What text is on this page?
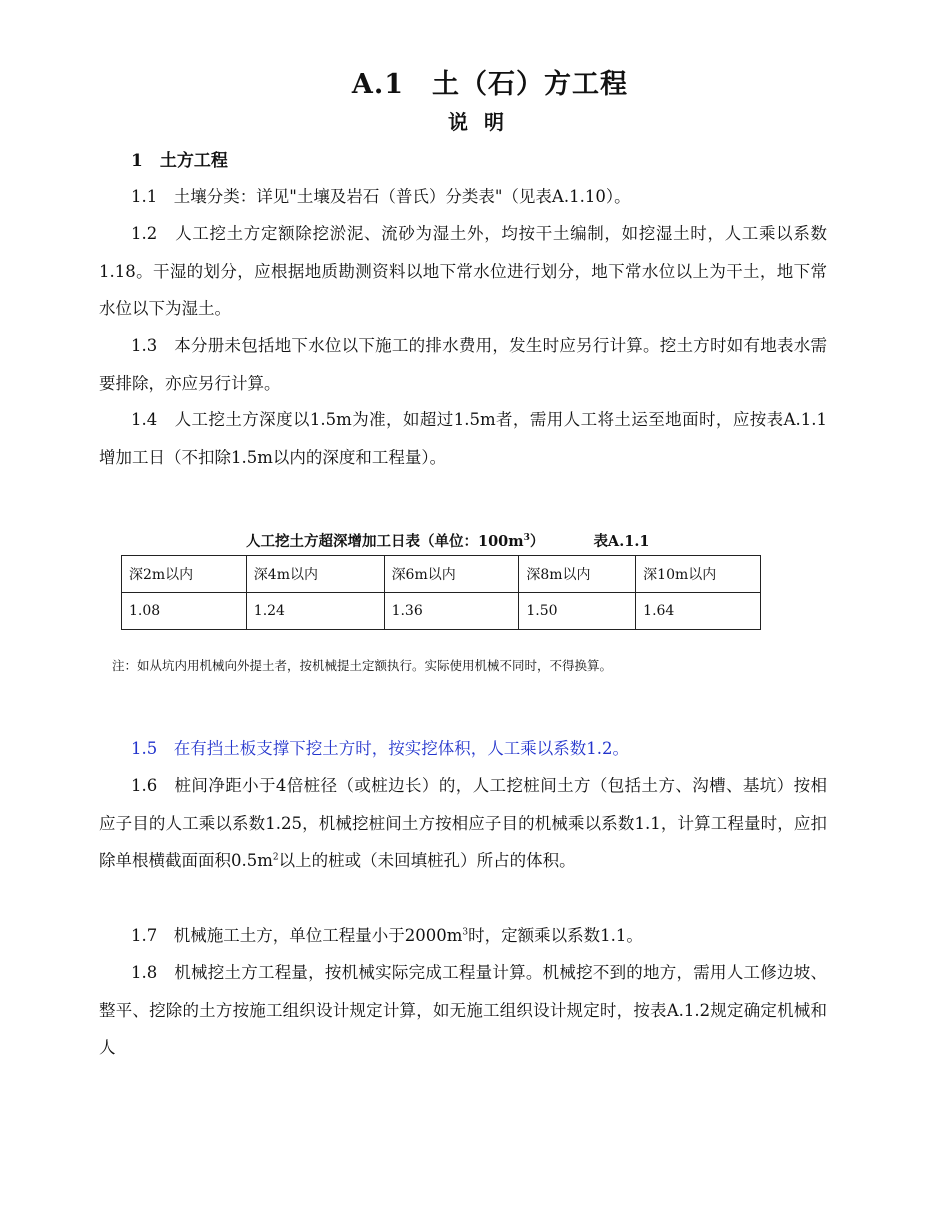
A.1　土（石）方工程
说明
1　土方工程

1.1　土壤分类：详见"土壤及岩石（普氏）分类表"（见表A.1.10）。

1.2　人工挖土方定额除挖淤泥、流砂为湿土外，均按干土编制，如挖湿土时，人工乘以系数1.18。干湿的划分，应根据地质勘测资料以地下常水位进行划分，地下常水位以上为干土，地下常水位以下为湿土。

1.3　本分册未包括地下水位以下施工的排水费用，发生时应另行计算。挖土方时如有地表水需要排除，亦应另行计算。

1.4　人工挖土方深度以1.5m为准，如超过1.5m者，需用人工将土运至地面时，应按表A.1.1增加工日（不扣除1.5m以内的深度和工程量）。

人工挖土方超深增加工日表（单位：$100m^3$）	表A.1.1
深2m以内	深4m以内	深6m以内	深8m以内	深10m以内
1.08	1.24	1.36	1.50	1.64
注：如从坑内用机械向外提土者，按机械提土定额执行。实际使用机械不同时，不得换算。

1.5　在有挡土板支撑下挖土方时，按实挖体积，人工乘以系数1.2。

1.6　桩间净距小于4倍桩径（或桩边长）的，人工挖桩间土方（包括土方、沟槽、基坑）按相应子目的人工乘以系数1.25，机械挖桩间土方按相应子目的机械乘以系数1.1，计算工程量时，应扣除单根横截面面积$0.5m^2$以上的桩或（未回填桩孔）所占的体积。

1.7　机械施工土方，单位工程量小于$2000m^3$时，定额乘以系数1.1。

1.8　机械挖土方工程量，按机械实际完成工程量计算。机械挖不到的地方，需用人工修边坡、整平、挖除的土方按施工组织设计规定计算，如无施工组织设计规定时，按表A.1.2规定确定机械和人
